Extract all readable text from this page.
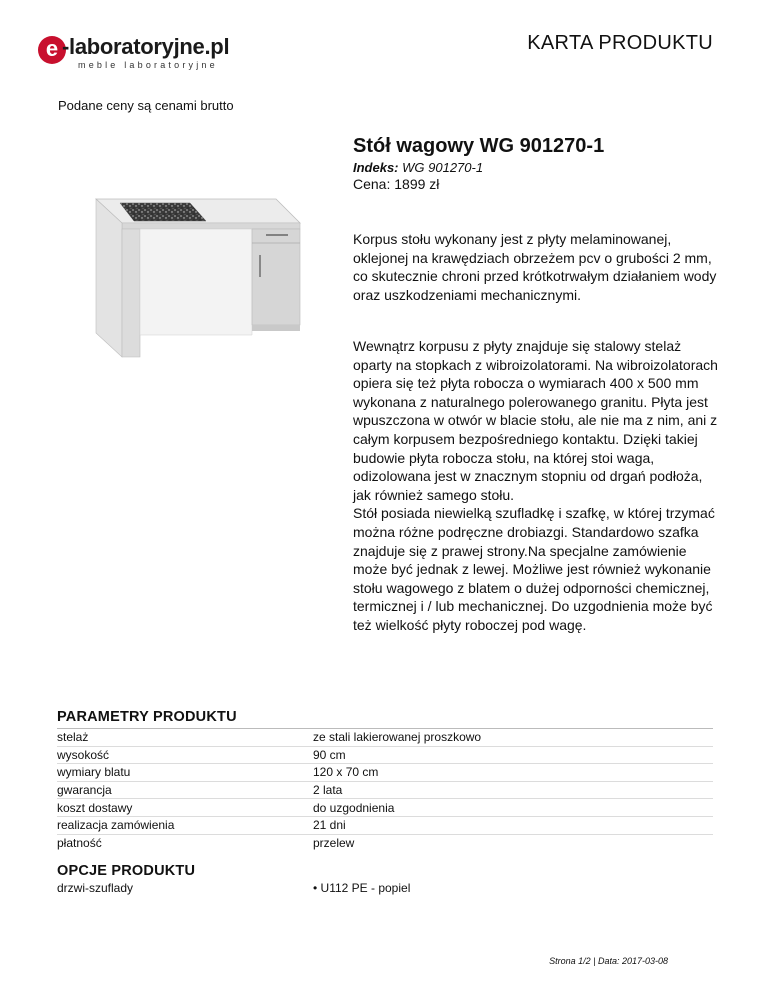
e -laboratoryjne.pl
meble laboratoryjne
KARTA PRODUKTU
Podane ceny są cenami brutto
Stół wagowy WG 901270-1
Indeks: WG 901270-1
Cena: 1899 zł

Korpus stołu wykonany jest z płyty melaminowanej, oklejonej na krawędziach obrzeżem pcv o grubości 2 mm, co skutecznie chroni przed krótkotrwałym działaniem wody oraz uszkodzeniami mechanicznymi.

Wewnątrz korpusu z płyty znajduje się stalowy stelaż oparty na stopkach z wibroizolatorami. Na wibroizolatorach opiera się też płyta robocza o wymiarach 400 x 500 mm wykonana z naturalnego polerowanego granitu. Płyta jest wpuszczona w otwór w blacie stołu, ale nie ma z nim, ani z całym korpusem bezpośredniego kontaktu. Dzięki takiej budowie płyta robocza stołu, na której stoi waga, odizolowana jest w znacznym stopniu od drgań podłoża, jak również samego stołu.

Stół posiada niewielką szufladkę i szafkę, w której trzymać można różne podręczne drobiazgi. Standardowo szafka znajduje się z prawej strony.Na specjalne zamówienie może być jednak z lewej. Możliwe jest również wykonanie stołu wagowego z blatem o dużej odporności chemicznej, termicznej i / lub mechanicznej. Do uzgodnienia może być też wielkość płyty roboczej pod wagę.

PARAMETRY PRODUKTU
stelaż	ze stali lakierowanej proszkowo
wysokość	90 cm
wymiary blatu	120 x 70 cm
gwarancja	2 lata
koszt dostawy	do uzgodnienia
realizacja zamówienia	21 dni
płatność	przelew
OPCJE PRODUKTU
drzwi-szuflady	• U112 PE - popiel
Strona 1/2 | Data: 2017-03-08
